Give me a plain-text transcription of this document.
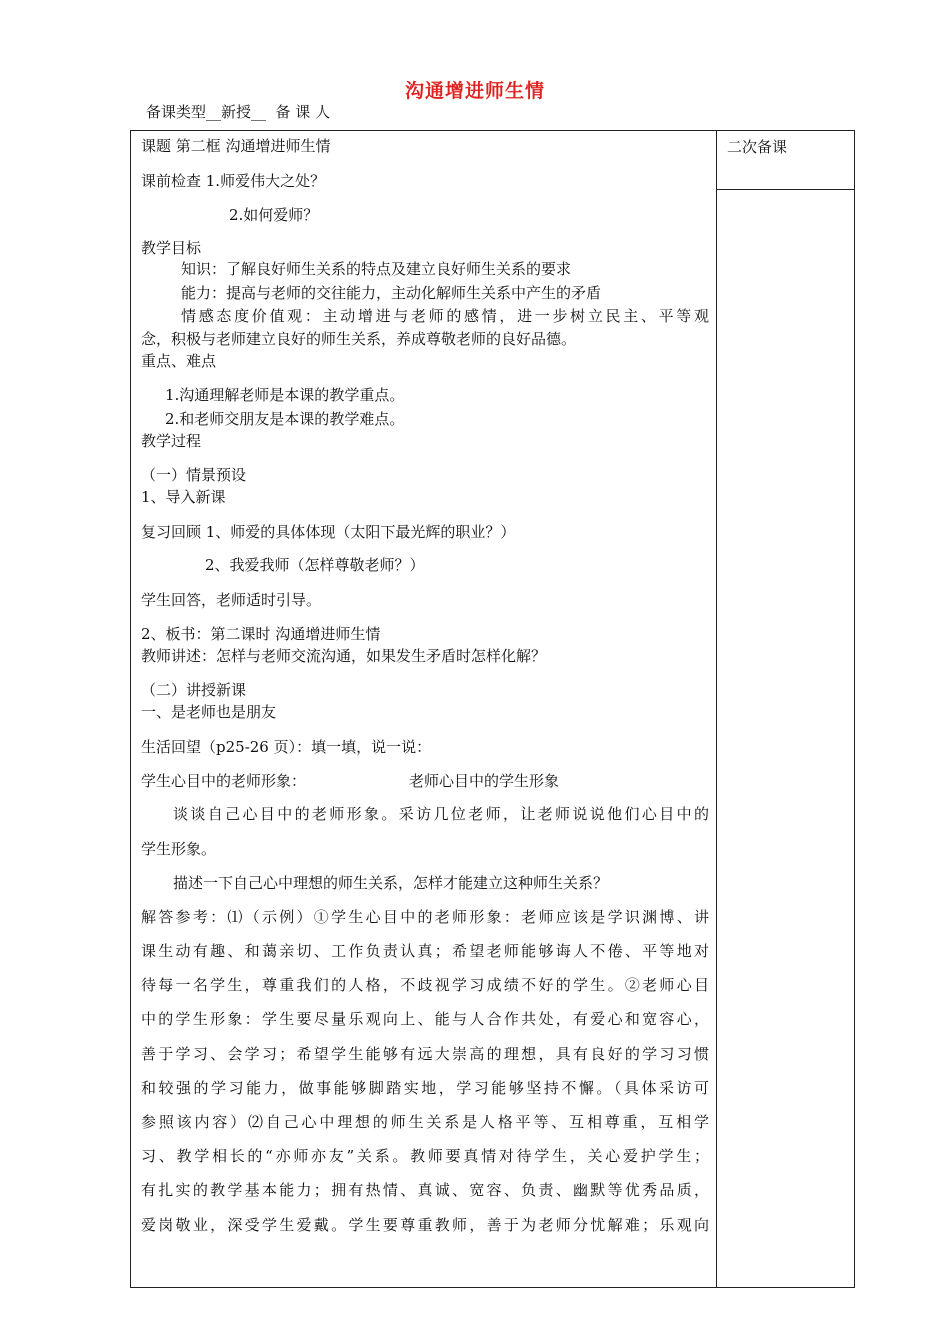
沟通增进师生情
备课类型__新授__  备 课 人
二次备课
课题 第二框 沟通增进师生情
课前检查 1.师爱伟大之处？
2.如何爱师？
教学目标
知识：了解良好师生关系的特点及建立良好师生关系的要求
能力：提高与老师的交往能力，主动化解师生关系中产生的矛盾
情感态度价值观：主动增进与老师的感情，进一步树立民主、平等观
念，积极与老师建立良好的师生关系，养成尊敬老师的良好品德。
重点、难点
1.沟通理解老师是本课的教学重点。
2.和老师交朋友是本课的教学难点。
教学过程
（一）情景预设
1、导入新课
复习回顾 1、师爱的具体体现（太阳下最光辉的职业？）
2、我爱我师（怎样尊敬老师？）
学生回答，老师适时引导。
2、板书：第二课时 沟通增进师生情
教师讲述：怎样与老师交流沟通，如果发生矛盾时怎样化解？
（二）讲授新课
一、是老师也是朋友
生活回望（p25-26 页）：填一填，说一说：
学生心目中的老师形象：	老师心目中的学生形象
谈谈自己心目中的老师形象。采访几位老师，让老师说说他们心目中的
学生形象。
描述一下自己心中理想的师生关系，怎样才能建立这种师生关系？
解答参考：⑴（示例）①学生心目中的老师形象：老师应该是学识渊博、讲
课生动有趣、和蔼亲切、工作负责认真；希望老师能够诲人不倦、平等地对
待每一名学生，尊重我们的人格，不歧视学习成绩不好的学生。②老师心目
中的学生形象：学生要尽量乐观向上、能与人合作共处，有爱心和宽容心，
善于学习、会学习；希望学生能够有远大崇高的理想，具有良好的学习习惯
和较强的学习能力，做事能够脚踏实地，学习能够坚持不懈。（具体采访可
参照该内容）⑵自己心中理想的师生关系是人格平等、互相尊重，互相学
习、教学相长的“亦师亦友”关系。教师要真情对待学生，关心爱护学生；
有扎实的教学基本能力；拥有热情、真诚、宽容、负责、幽默等优秀品质，
爱岗敬业，深受学生爱戴。学生要尊重教师，善于为老师分忧解难；乐观向
